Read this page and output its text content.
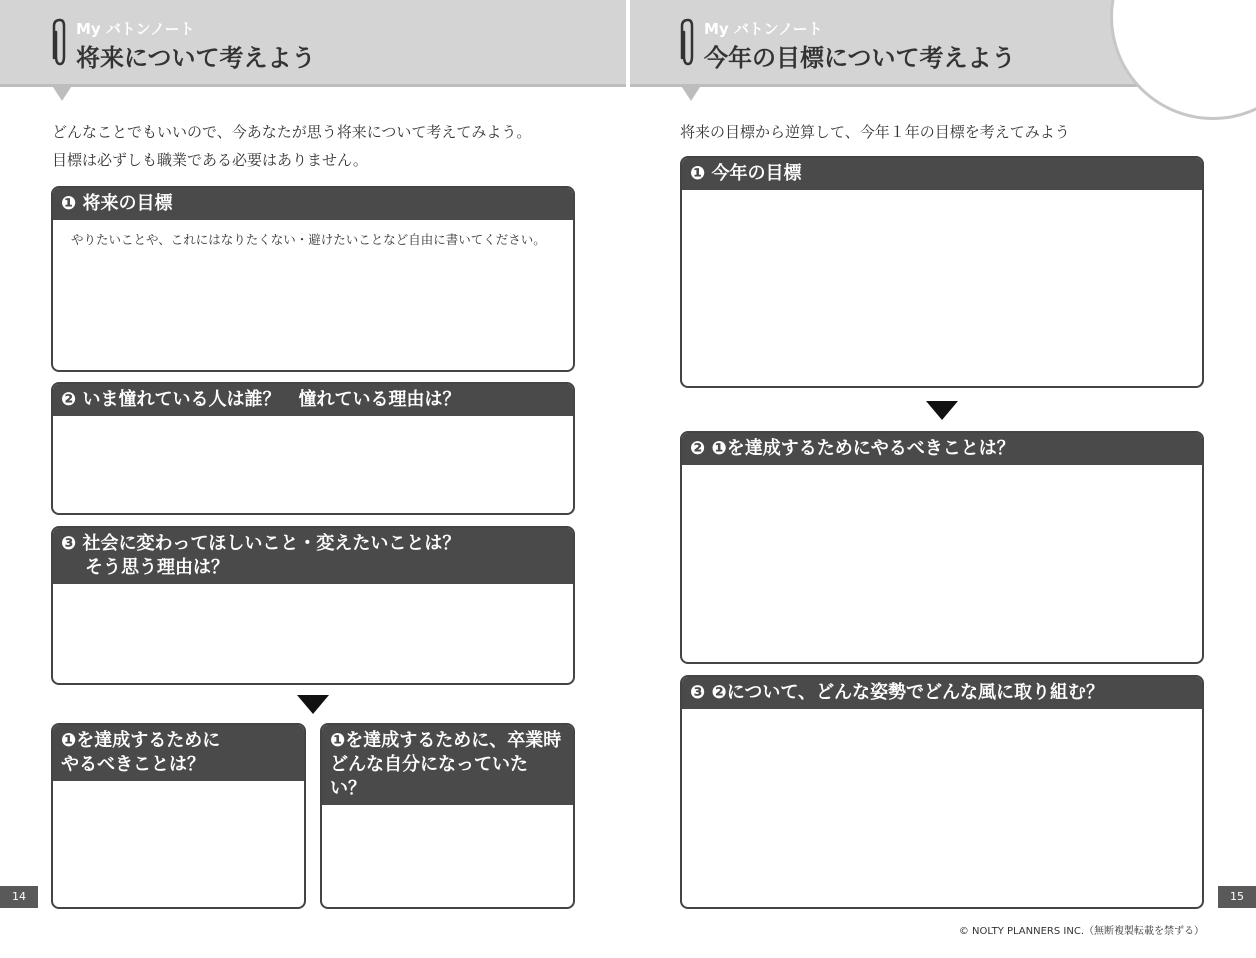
My バトンノート
将来について考えよう
どんなことでもいいので、今あなたが思う将来について考えてみよう。
目標は必ずしも職業である必要はありません。
❶ 将来の目標
やりたいことや、これにはなりたくない・避けたいことなど自由に書いてください。
❷ いま憧れている人は誰？　憧れている理由は？
❸ 社会に変わってほしいこと・変えたいことは？
そう思う理由は？
❶を達成するために
やるべきことは？
❶を達成するために、卒業時
どんな自分になっていたい？
14
My バトンノート
今年の目標について考えよう
将来の目標から逆算して、今年１年の目標を考えてみよう
❶ 今年の目標
❷ ❶を達成するためにやるべきことは？
❸ ❷について、どんな姿勢でどんな風に取り組む？
15
© NOLTY PLANNERS INC.（無断複製転載を禁ずる）
